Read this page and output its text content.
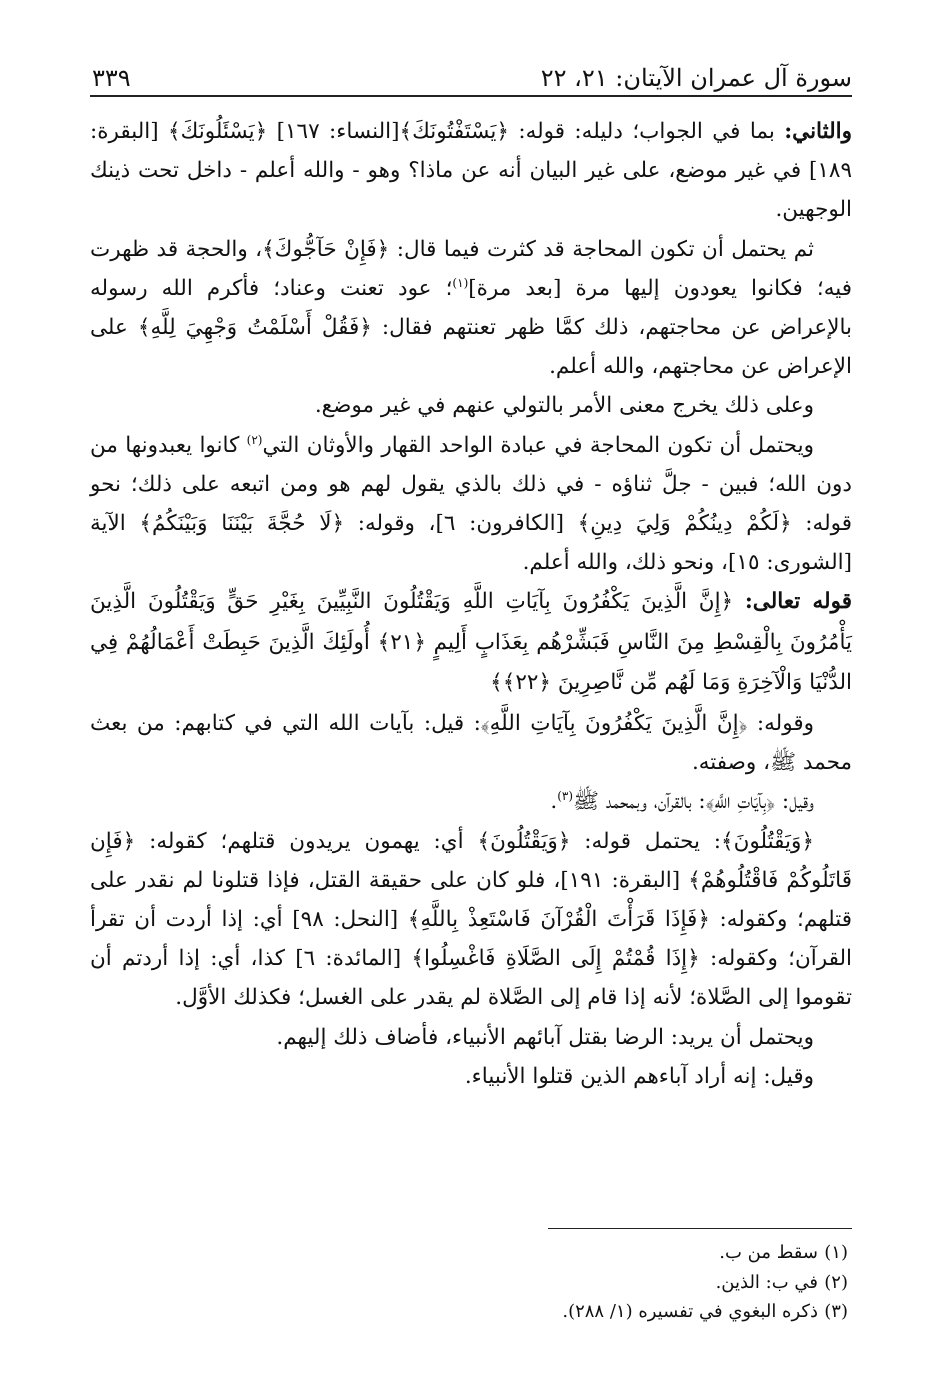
سورة آل عمران الآيتان: ٢١، ٢٢
٣٣٩

والثاني: بما في الجواب؛ دليله: قوله: ﴿يَسْتَفْتُونَكَ﴾[النساء: ١٦٧] ﴿يَسْئَلُونَكَ﴾ [البقرة: ١٨٩] في غير موضع، على غير البيان أنه عن ماذا؟ وهو - والله أعلم - داخل تحت ذينك الوجهين.

ثم يحتمل أن تكون المحاجة قد كثرت فيما قال: ﴿فَإِنْ حَآجُّوكَ﴾، والحجة قد ظهرت فيه؛ فكانوا يعودون إليها مرة [بعد مرة]$^{(١)}$؛ عود تعنت وعناد؛ فأكرم الله رسوله بالإعراض عن محاجتهم، ذلك كمَّا ظهر تعنتهم فقال: ﴿فَقُلْ أَسْلَمْتُ وَجْهِيَ لِلَّهِ﴾ على الإعراض عن محاجتهم، والله أعلم.

وعلى ذلك يخرج معنى الأمر بالتولي عنهم في غير موضع.

ويحتمل أن تكون المحاجة في عبادة الواحد القهار والأوثان التي$^{(٢)}$ كانوا يعبدونها من دون الله؛ فبين - جلَّ ثناؤه - في ذلك بالذي يقول لهم هو ومن اتبعه على ذلك؛ نحو قوله: ﴿لَكُمْ دِينُكُمْ وَلِيَ دِينِ﴾ [الكافرون: ٦]، وقوله: ﴿لَا حُجَّةَ بَيْنَنَا وَبَيْنَكُمُ﴾ الآية [الشورى: ١٥]، ونحو ذلك، والله أعلم.

قوله تعالى: ﴿إِنَّ الَّذِينَ يَكْفُرُونَ بِآيَاتِ اللَّهِ وَيَقْتُلُونَ النَّبِيِّينَ بِغَيْرِ حَقٍّ وَيَقْتُلُونَ الَّذِينَ يَأْمُرُونَ بِالْقِسْطِ مِنَ النَّاسِ فَبَشِّرْهُم بِعَذَابٍ أَلِيمٍ ﴿٢١﴾ أُولَئِكَ الَّذِينَ حَبِطَتْ أَعْمَالُهُمْ فِي الدُّنْيَا وَالْآخِرَةِ وَمَا لَهُم مِّن نَّاصِرِينَ ﴿٢٢﴾﴾

وقوله: ﴿إِنَّ الَّذِينَ يَكْفُرُونَ بِآيَاتِ اللَّهِ﴾: قيل: بآيات الله التي في كتابهم: من بعث محمد ﷺ، وصفته.

وقيل: ﴿بِآيَاتِ اللَّهِ﴾: بالقرآن، وبمحمد ﷺ$^{(٣)}$.

﴿وَيَقْتُلُونَ﴾: يحتمل قوله: ﴿وَيَقْتُلُونَ﴾ أي: يهمون يريدون قتلهم؛ كقوله: ﴿فَإِن قَاتَلُوكُمْ فَاقْتُلُوهُمْ﴾ [البقرة: ١٩١]، فلو كان على حقيقة القتل، فإذا قتلونا لم نقدر على قتلهم؛ وكقوله: ﴿فَإِذَا قَرَأْتَ الْقُرْآنَ فَاسْتَعِذْ بِاللَّهِ﴾ [النحل: ٩٨] أي: إذا أردت أن تقرأ القرآن؛ وكقوله: ﴿إِذَا قُمْتُمْ إِلَى الصَّلَاةِ فَاغْسِلُوا﴾ [المائدة: ٦] كذا، أي: إذا أردتم أن تقوموا إلى الصَّلاة؛ لأنه إذا قام إلى الصَّلاة لم يقدر على الغسل؛ فكذلك الأوَّل.

ويحتمل أن يريد: الرضا بقتل آبائهم الأنبياء، فأضاف ذلك إليهم.

وقيل: إنه أراد آباءهم الذين قتلوا الأنبياء.

(١)سقط من ب.
(٢)في ب: الذين.
(٣)ذكره البغوي في تفسيره (١/ ٢٨٨).
